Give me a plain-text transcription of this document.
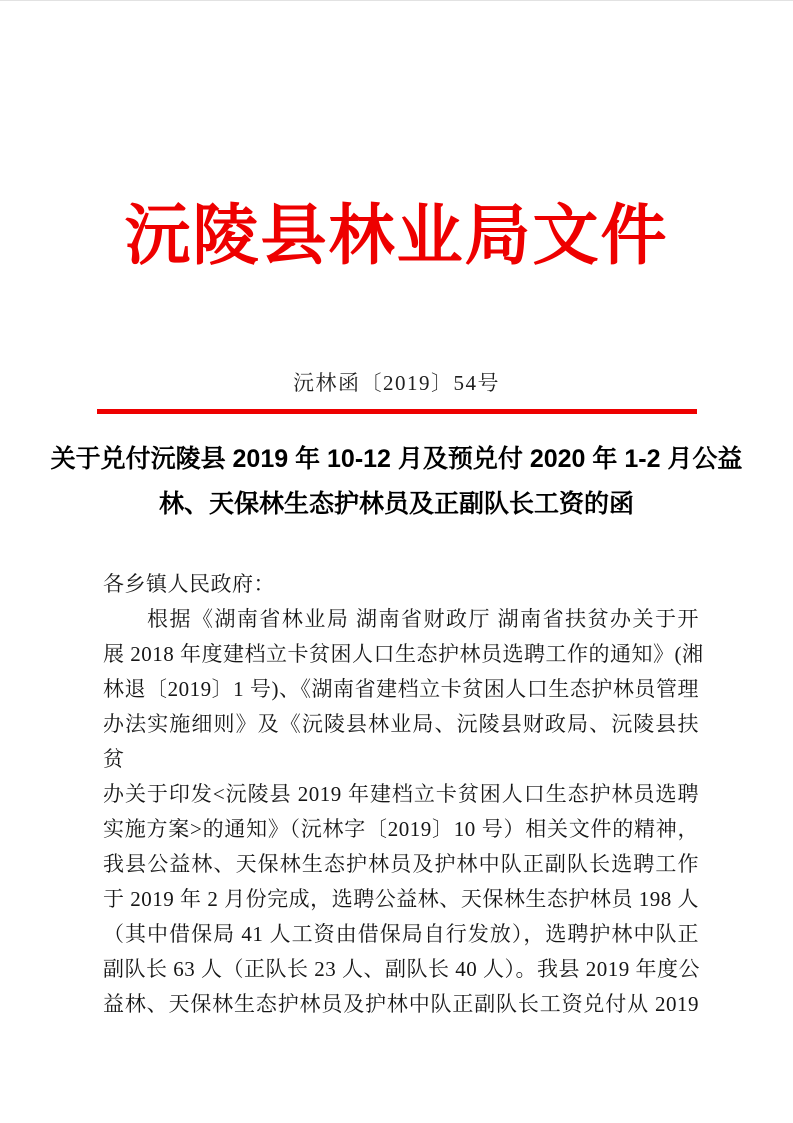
沅陵县林业局文件
沅林函〔2019〕54号
关于兑付沅陵县 2019 年 10-12 月及预兑付 2020 年 1-2 月公益
林、天保林生态护林员及正副队长工资的函
各乡镇人民政府：
根据《湖南省林业局 湖南省财政厅 湖南省扶贫办关于开
展 2018 年度建档立卡贫困人口生态护林员选聘工作的通知》(湘
林退〔2019〕1 号)、《湖南省建档立卡贫困人口生态护林员管理
办法实施细则》及《沅陵县林业局、沅陵县财政局、沅陵县扶
贫
办关于印发<沅陵县 2019 年建档立卡贫困人口生态护林员选聘
实施方案>的通知》（沅林字〔2019〕10 号）相关文件的精神，
我县公益林、天保林生态护林员及护林中队正副队长选聘工作
于 2019 年 2 月份完成，选聘公益林、天保林生态护林员 198 人
（其中借保局 41 人工资由借保局自行发放），选聘护林中队正
副队长 63 人（正队长 23 人、副队长 40 人）。我县 2019 年度公
益林、天保林生态护林员及护林中队正副队长工资兑付从 2019
